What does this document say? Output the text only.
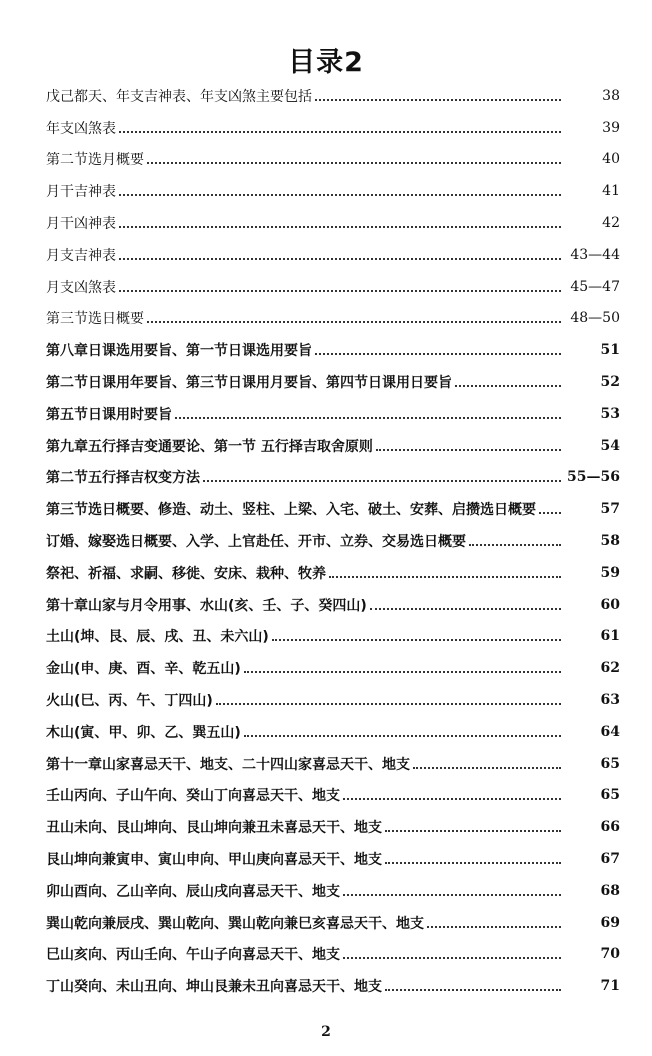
目录2
戊己都天、年支吉神表、年支凶煞主要包括	38
年支凶煞表	39
第二节选月概要	40
月干吉神表	41
月干凶神表	42
月支吉神表	43—44
月支凶煞表	45—47
第三节选日概要	48—50
第八章日课选用要旨、第一节日课选用要旨	51
第二节日课用年要旨、第三节日课用月要旨、第四节日课用日要旨	52
第五节日课用时要旨	53
第九章五行择吉变通要论、第一节 五行择吉取舍原则	54
第二节五行择吉权变方法	55—56
第三节选日概要、修造、动土、竖柱、上梁、入宅、破土、安葬、启攒选日概要	57
订婚、嫁娶选日概要、入学、上官赴任、开市、立券、交易选日概要	58
祭祀、祈福、求嗣、移徙、安床、栽种、牧养	59
第十章山家与月令用事、水山(亥、壬、子、癸四山)	60
土山(坤、艮、辰、戌、丑、未六山)	61
金山(申、庚、酉、辛、乾五山)	62
火山(巳、丙、午、丁四山)	63
木山(寅、甲、卯、乙、巽五山)	64
第十一章山家喜忌天干、地支、二十四山家喜忌天干、地支	65
壬山丙向、子山午向、癸山丁向喜忌天干、地支	65
丑山未向、艮山坤向、艮山坤向兼丑未喜忌天干、地支	66
艮山坤向兼寅申、寅山申向、甲山庚向喜忌天干、地支	67
卯山酉向、乙山辛向、辰山戌向喜忌天干、地支	68
巽山乾向兼辰戌、巽山乾向、巽山乾向兼巳亥喜忌天干、地支	69
巳山亥向、丙山壬向、午山子向喜忌天干、地支	70
丁山癸向、未山丑向、坤山艮兼未丑向喜忌天干、地支	71
2
